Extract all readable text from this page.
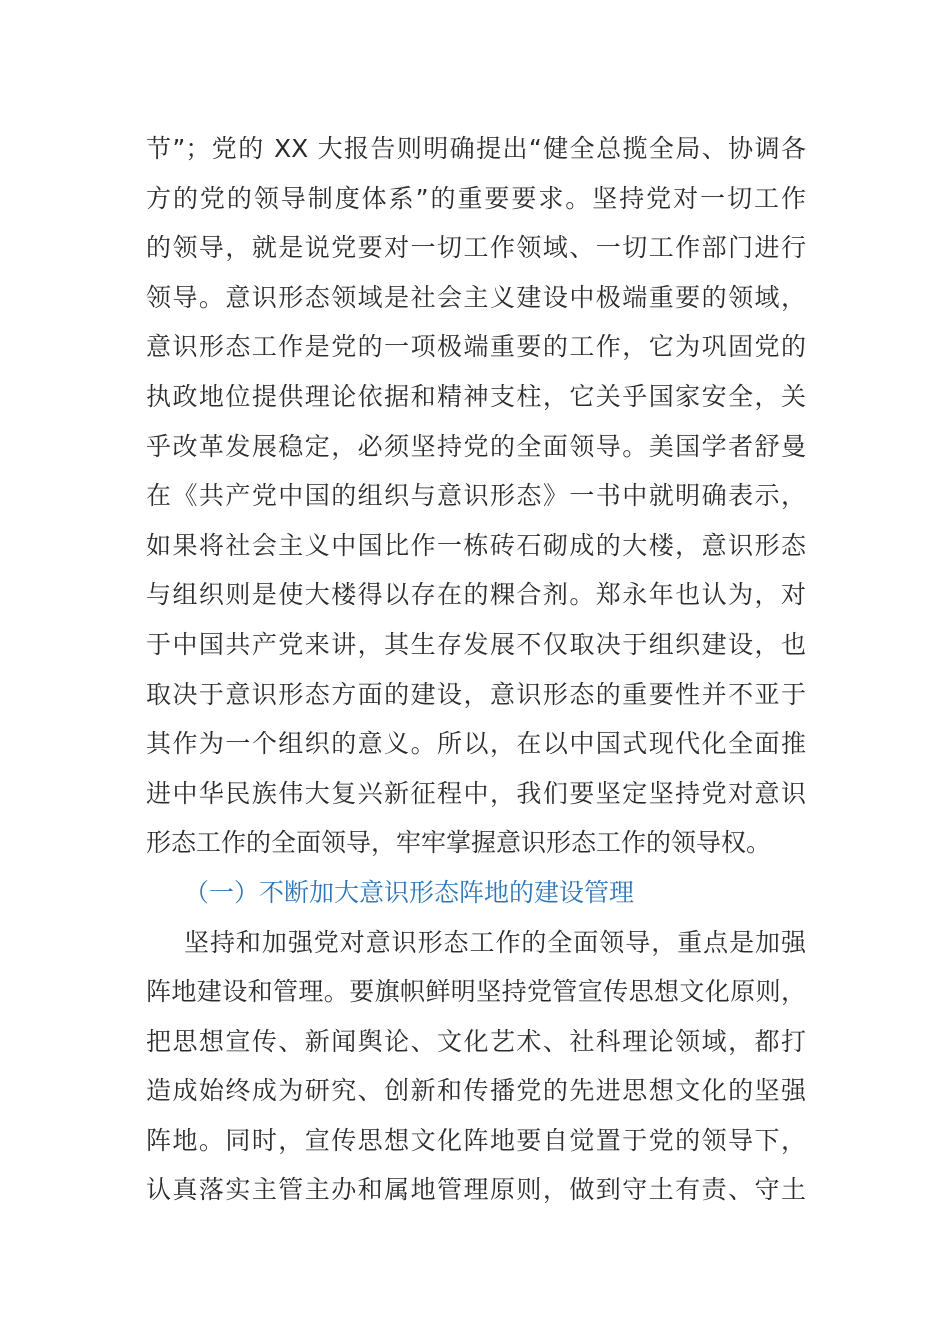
节”；党的 XX 大报告则明确提出“健全总揽全局、协调各
方的党的领导制度体系”的重要要求。坚持党对一切工作
的领导，就是说党要对一切工作领域、一切工作部门进行
领导。意识形态领域是社会主义建设中极端重要的领域，
意识形态工作是党的一项极端重要的工作，它为巩固党的
执政地位提供理论依据和精神支柱，它关乎国家安全，关
乎改革发展稳定，必须坚持党的全面领导。美国学者舒曼
在《共产党中国的组织与意识形态》一书中就明确表示，
如果将社会主义中国比作一栋砖石砌成的大楼，意识形态
与组织则是使大楼得以存在的粿合剂。郑永年也认为，对
于中国共产党来讲，其生存发展不仅取决于组织建设，也
取决于意识形态方面的建设，意识形态的重要性并不亚于
其作为一个组织的意义。所以，在以中国式现代化全面推
进中华民族伟大复兴新征程中，我们要坚定坚持党对意识
形态工作的全面领导，牢牢掌握意识形态工作的领导权。
（一）不断加大意识形态阵地的建设管理
坚持和加强党对意识形态工作的全面领导，重点是加强
阵地建设和管理。要旗帜鲜明坚持党管宣传思想文化原则，
把思想宣传、新闻舆论、文化艺术、社科理论领域，都打
造成始终成为研究、创新和传播党的先进思想文化的坚强
阵地。同时，宣传思想文化阵地要自觉置于党的领导下，
认真落实主管主办和属地管理原则，做到守土有责、守土
